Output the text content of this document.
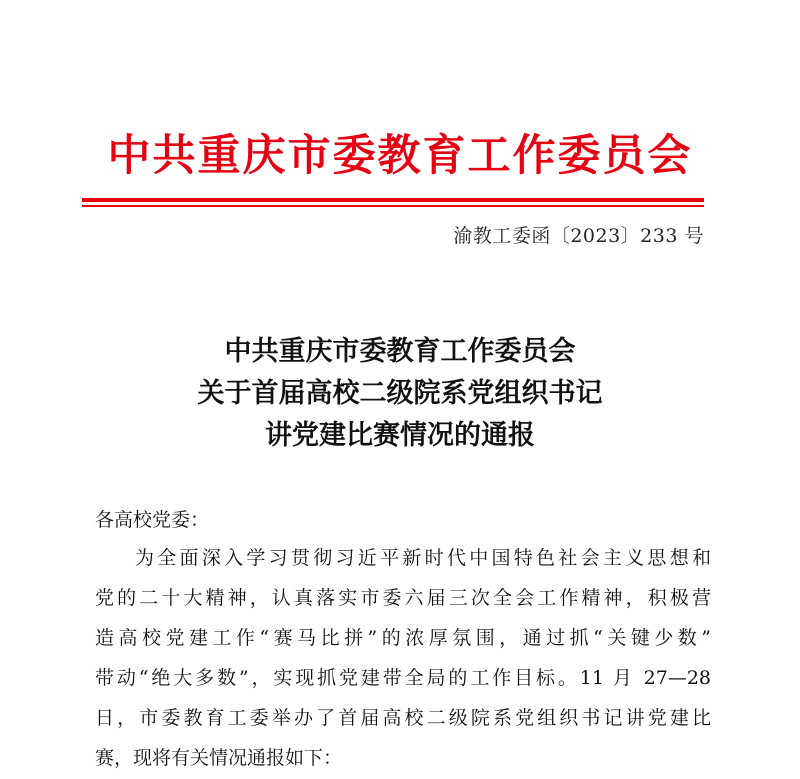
中共重庆市委教育工作委员会
渝教工委函〔2023〕233 号
中共重庆市委教育工作委员会
关于首届高校二级院系党组织书记
讲党建比赛情况的通报
各高校党委：
为全面深入学习贯彻习近平新时代中国特色社会主义思想和
党的二十大精神，认真落实市委六届三次全会工作精神，积极营
造高校党建工作“赛马比拼”的浓厚氛围，通过抓“关键少数”
带动“绝大多数”，实现抓党建带全局的工作目标。11 月 27—28
日，市委教育工委举办了首届高校二级院系党组织书记讲党建比
赛，现将有关情况通报如下：
